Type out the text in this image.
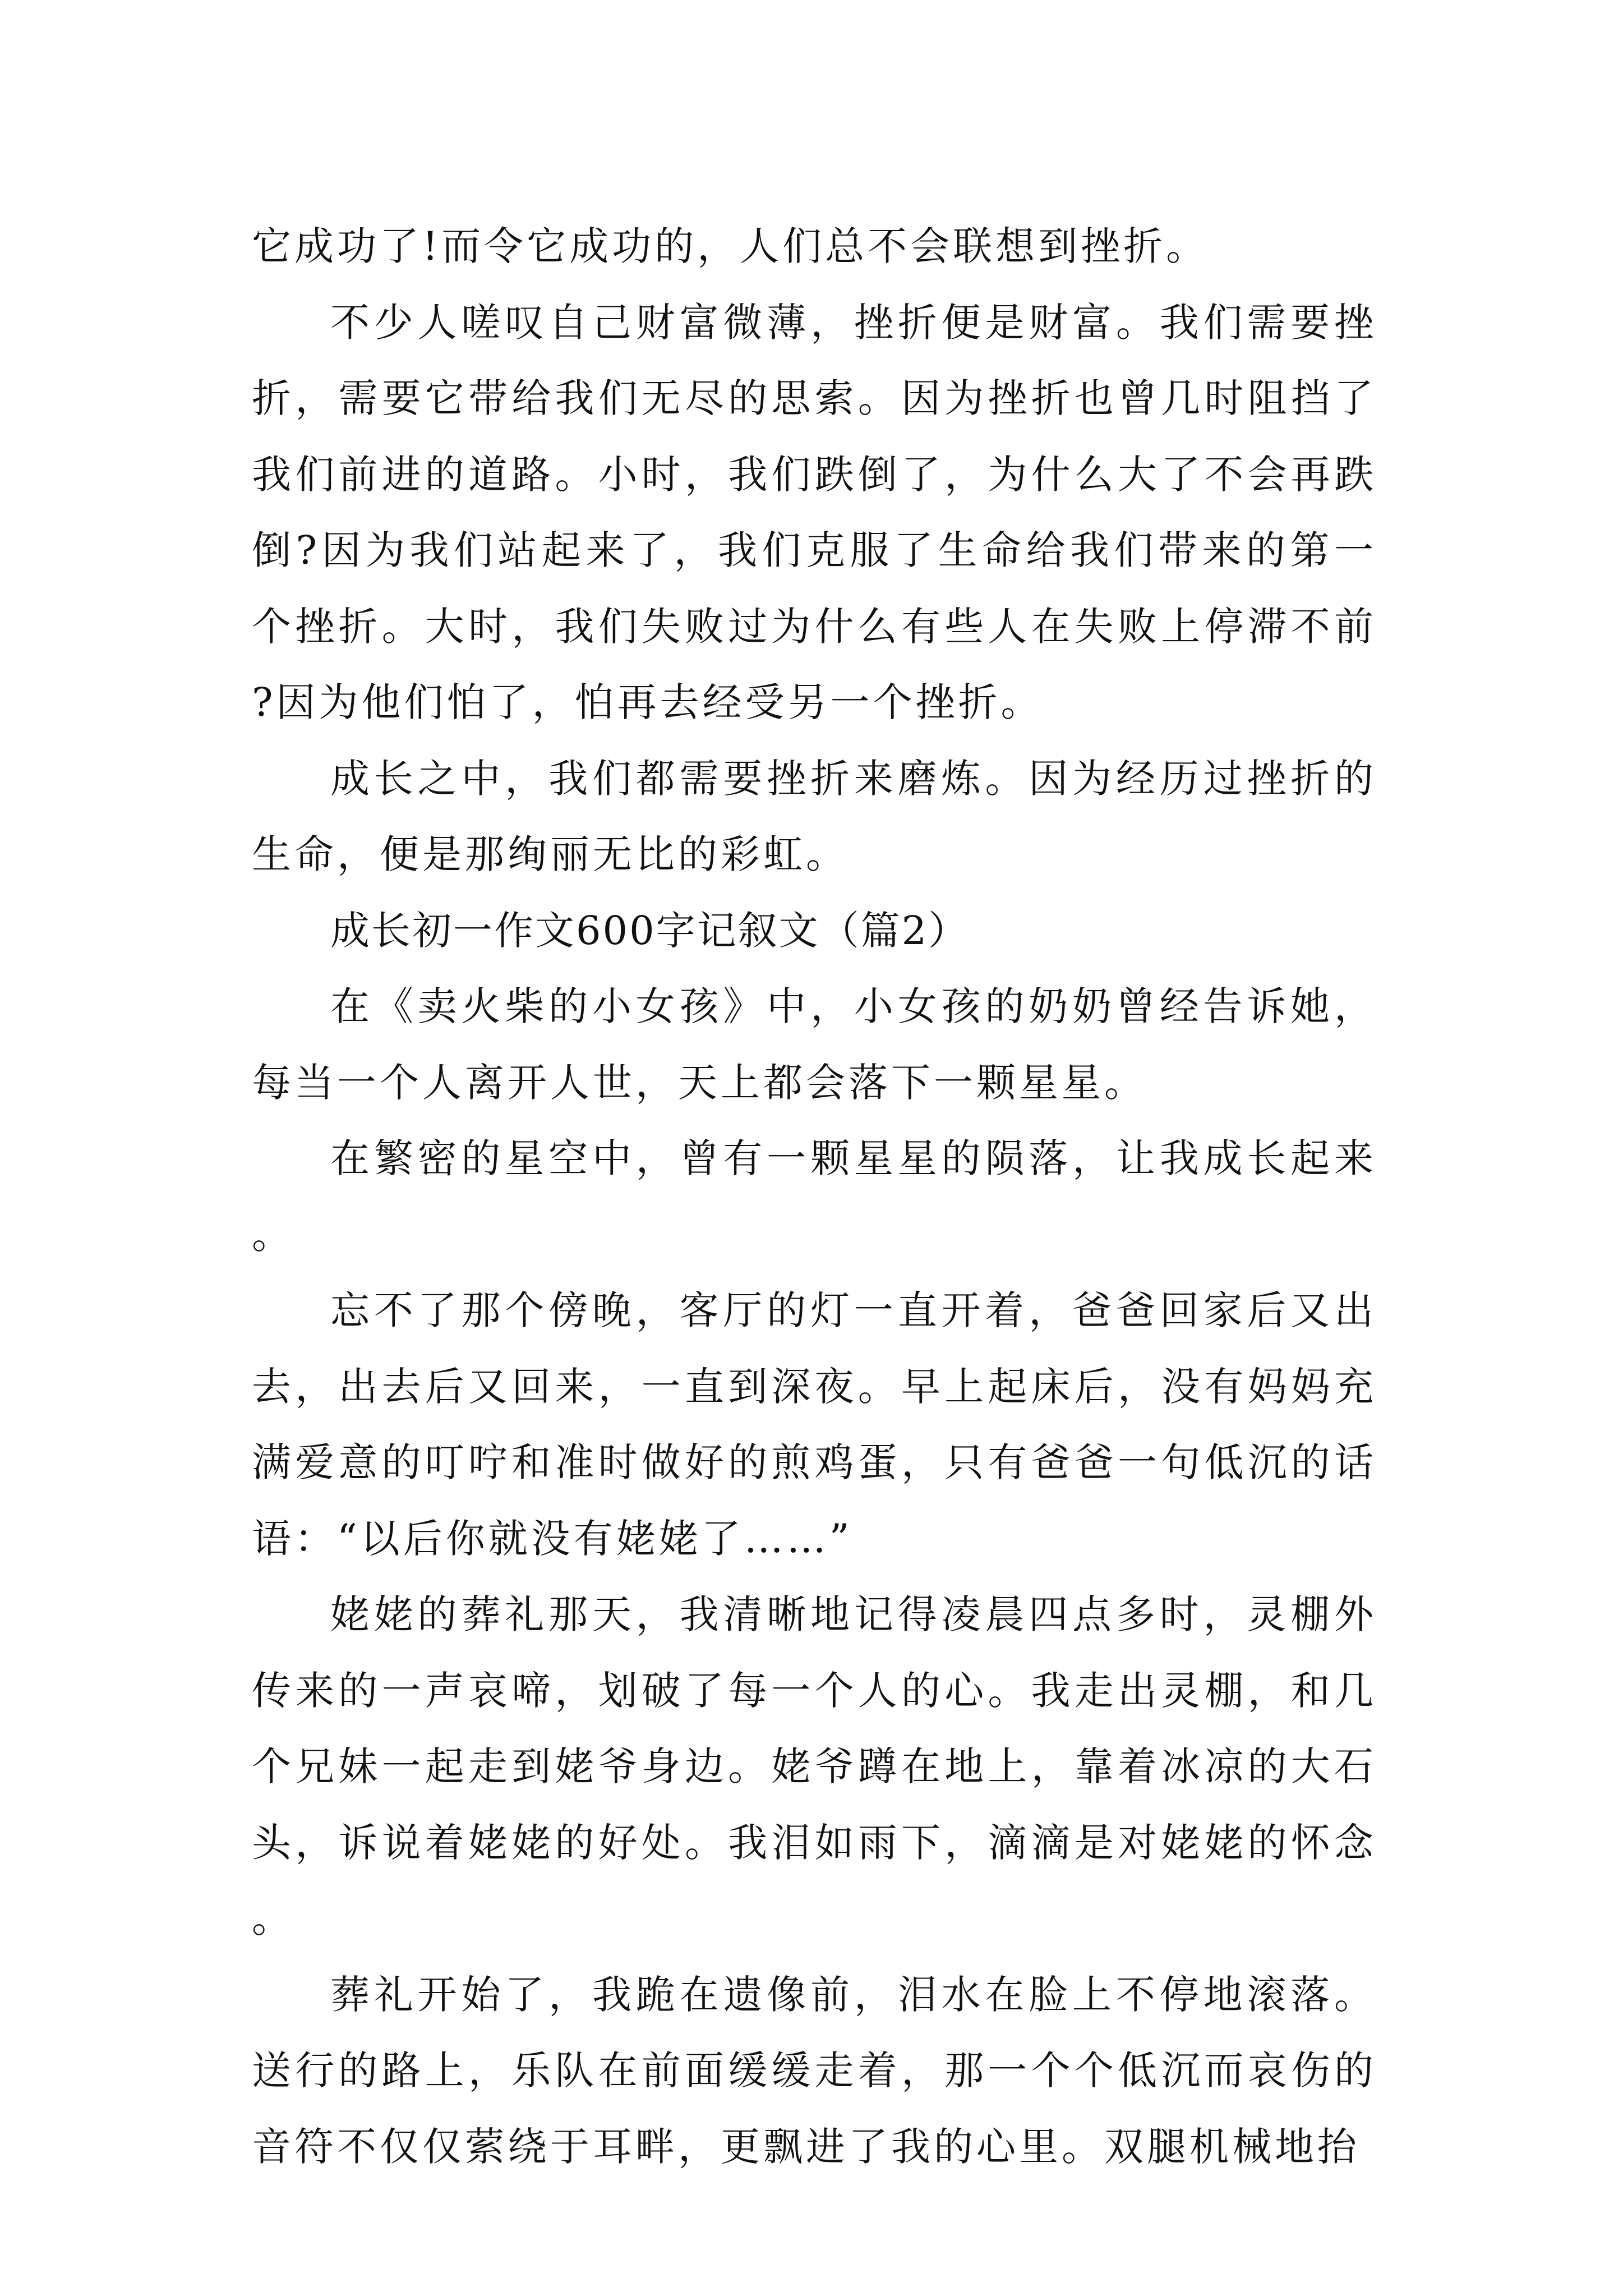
它成功了!而令它成功的，人们总不会联想到挫折。

不少人嗟叹自己财富微薄，挫折便是财富。我们需要挫折，需要它带给我们无尽的思索。因为挫折也曾几时阻挡了我们前进的道路。小时，我们跌倒了，为什么大了不会再跌倒?因为我们站起来了，我们克服了生命给我们带来的第一个挫折。大时，我们失败过为什么有些人在失败上停滞不前?因为他们怕了，怕再去经受另一个挫折。

成长之中，我们都需要挫折来磨炼。因为经历过挫折的生命，便是那绚丽无比的彩虹。

成长初一作文600字记叙文（篇2）

在《卖火柴的小女孩》中，小女孩的奶奶曾经告诉她，每当一个人离开人世，天上都会落下一颗星星。

在繁密的星空中，曾有一颗星星的陨落，让我成长起来。

忘不了那个傍晚，客厅的灯一直开着，爸爸回家后又出去，出去后又回来，一直到深夜。早上起床后，没有妈妈充满爱意的叮咛和准时做好的煎鸡蛋，只有爸爸一句低沉的话语：“以后你就没有姥姥了……”

姥姥的葬礼那天，我清晰地记得凌晨四点多时，灵棚外传来的一声哀啼，划破了每一个人的心。我走出灵棚，和几个兄妹一起走到姥爷身边。姥爷蹲在地上，靠着冰凉的大石头，诉说着姥姥的好处。我泪如雨下，滴滴是对姥姥的怀念。

葬礼开始了，我跪在遗像前，泪水在脸上不停地滚落。送行的路上，乐队在前面缓缓走着，那一个个低沉而哀伤的音符不仅仅萦绕于耳畔，更飘进了我的心里。双腿机械地抬
